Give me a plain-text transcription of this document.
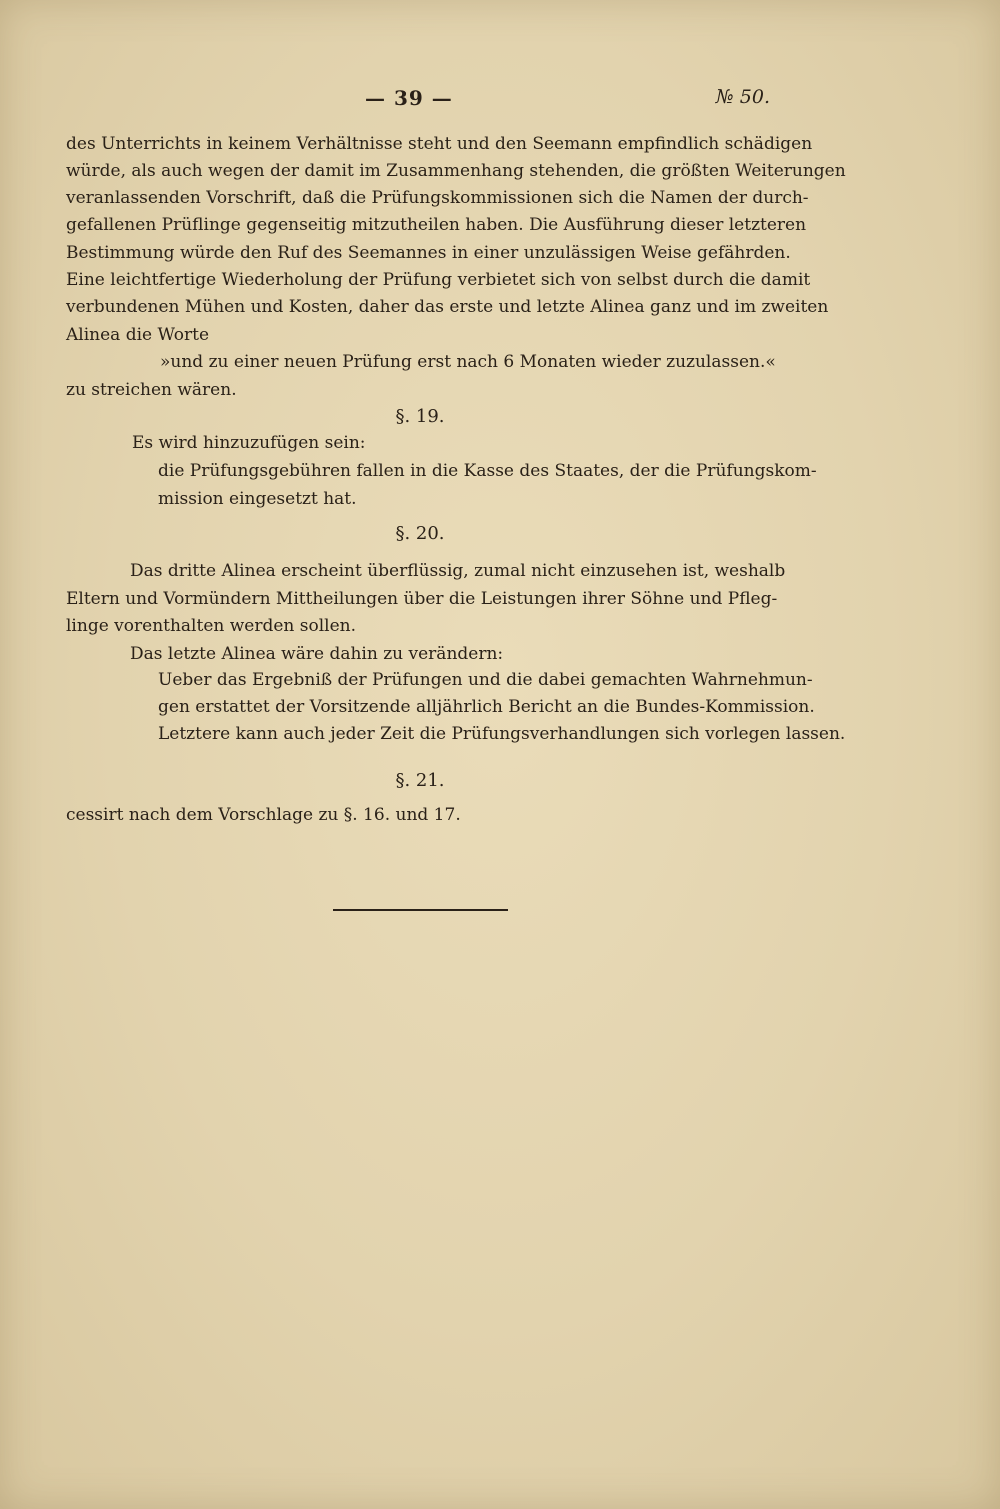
— 39 —	№ 50.
des Unterrichts in keinem Verhältnisse steht und den Seemann empfindlich schädigen
würde, als auch wegen der damit im Zusammenhang stehenden, die größten Weiterungen
veranlassenden Vorschrift, daß die Prüfungskommissionen sich die Namen der durch-
gefallenen Prüflinge gegenseitig mitzutheilen haben. Die Ausführung dieser letzteren
Bestimmung würde den Ruf des Seemannes in einer unzulässigen Weise gefährden.
Eine leichtfertige Wiederholung der Prüfung verbietet sich von selbst durch die damit
verbundenen Mühen und Kosten, daher das erste und letzte Alinea ganz und im zweiten
Alinea die Worte
»und zu einer neuen Prüfung erst nach 6 Monaten wieder zuzulassen.«
zu streichen wären.
§. 19.
Es wird hinzuzufügen sein:
die Prüfungsgebühren fallen in die Kasse des Staates, der die Prüfungskom-
mission eingesetzt hat.
§. 20.
Das dritte Alinea erscheint überflüssig, zumal nicht einzusehen ist, weshalb
Eltern und Vormündern Mittheilungen über die Leistungen ihrer Söhne und Pfleg-
linge vorenthalten werden sollen.
Das letzte Alinea wäre dahin zu verändern:
Ueber das Ergebniß der Prüfungen und die dabei gemachten Wahrnehmun-
gen erstattet der Vorsitzende alljährlich Bericht an die Bundes-Kommission.
Letztere kann auch jeder Zeit die Prüfungsverhandlungen sich vorlegen lassen.
§. 21.
cessirt nach dem Vorschlage zu §. 16. und 17.
